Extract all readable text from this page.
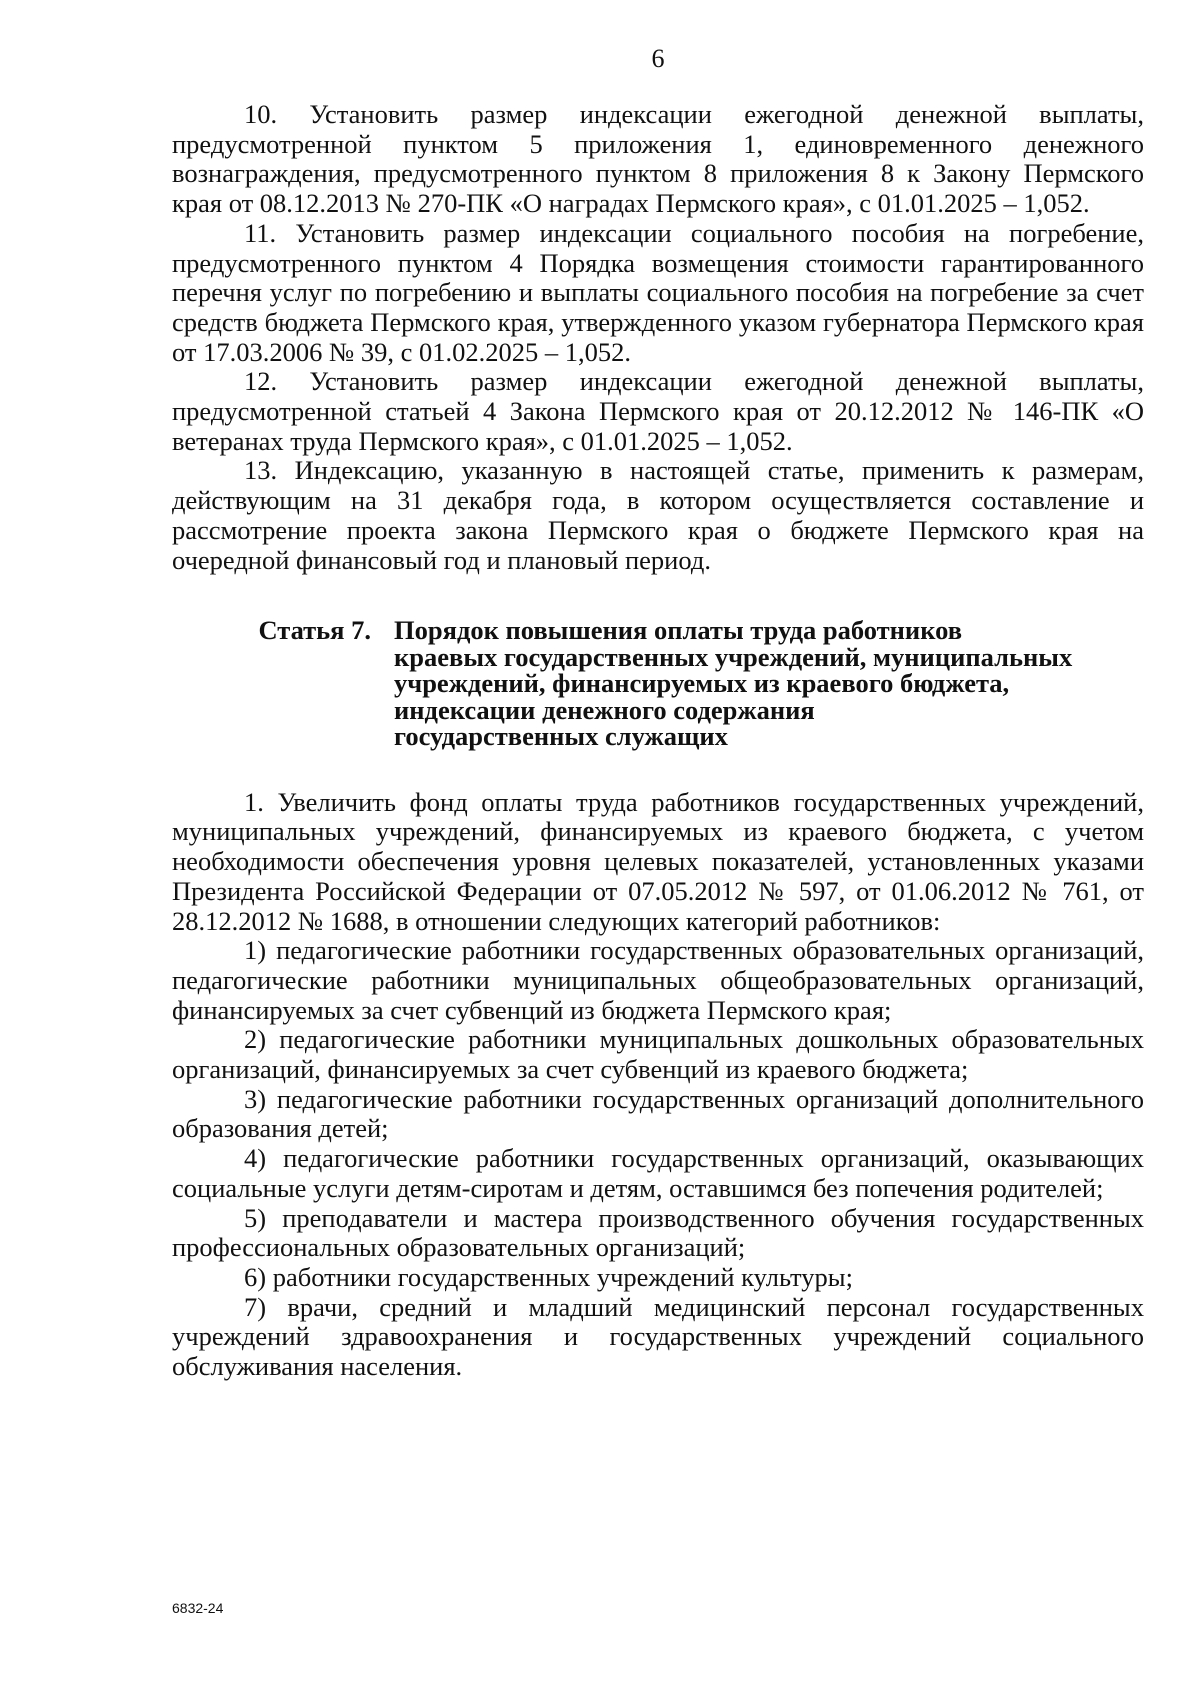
6

10. Установить размер индексации ежегодной денежной выплаты, предусмотренной пунктом 5 приложения 1, единовременного денежного вознаграждения, предусмотренного пунктом 8 приложения 8 к Закону Пермского края от 08.12.2013 № 270-ПК «О наградах Пермского края», с 01.01.2025 – 1,052.

11. Установить размер индексации социального пособия на погребение, предусмотренного пунктом 4 Порядка возмещения стоимости гарантированного перечня услуг по погребению и выплаты социального пособия на погребение за счет средств бюджета Пермского края, утвержденного указом губернатора Пермского края от 17.03.2006 № 39, с 01.02.2025 – 1,052.

12. Установить размер индексации ежегодной денежной выплаты, предусмотренной статьей 4 Закона Пермского края от 20.12.2012 № 146-ПК «О ветеранах труда Пермского края», с 01.01.2025 – 1,052.

13. Индексацию, указанную в настоящей статье, применить к размерам, действующим на 31 декабря года, в котором осуществляется составление и рассмотрение проекта закона Пермского края о бюджете Пермского края на очередной финансовый год и плановый период.

Статья 7. Порядок повышения оплаты труда работников
краевых государственных учреждений, муниципальных
учреждений, финансируемых из краевого бюджета,
индексации денежного содержания
государственных служащих

1. Увеличить фонд оплаты труда работников государственных учреждений, муниципальных учреждений, финансируемых из краевого бюджета, с учетом необходимости обеспечения уровня целевых показателей, установленных указами Президента Российской Федерации от 07.05.2012 № 597, от 01.06.2012 № 761, от 28.12.2012 № 1688, в отношении следующих категорий работников:

1) педагогические работники государственных образовательных организаций, педагогические работники муниципальных общеобразовательных организаций, финансируемых за счет субвенций из бюджета Пермского края;

2) педагогические работники муниципальных дошкольных образовательных организаций, финансируемых за счет субвенций из краевого бюджета;

3) педагогические работники государственных организаций дополнительного образования детей;

4) педагогические работники государственных организаций, оказывающих социальные услуги детям-сиротам и детям, оставшимся без попечения родителей;

5) преподаватели и мастера производственного обучения государственных профессиональных образовательных организаций;

6) работники государственных учреждений культуры;

7) врачи, средний и младший медицинский персонал государственных учреждений здравоохранения и государственных учреждений социального обслуживания населения.

6832-24
